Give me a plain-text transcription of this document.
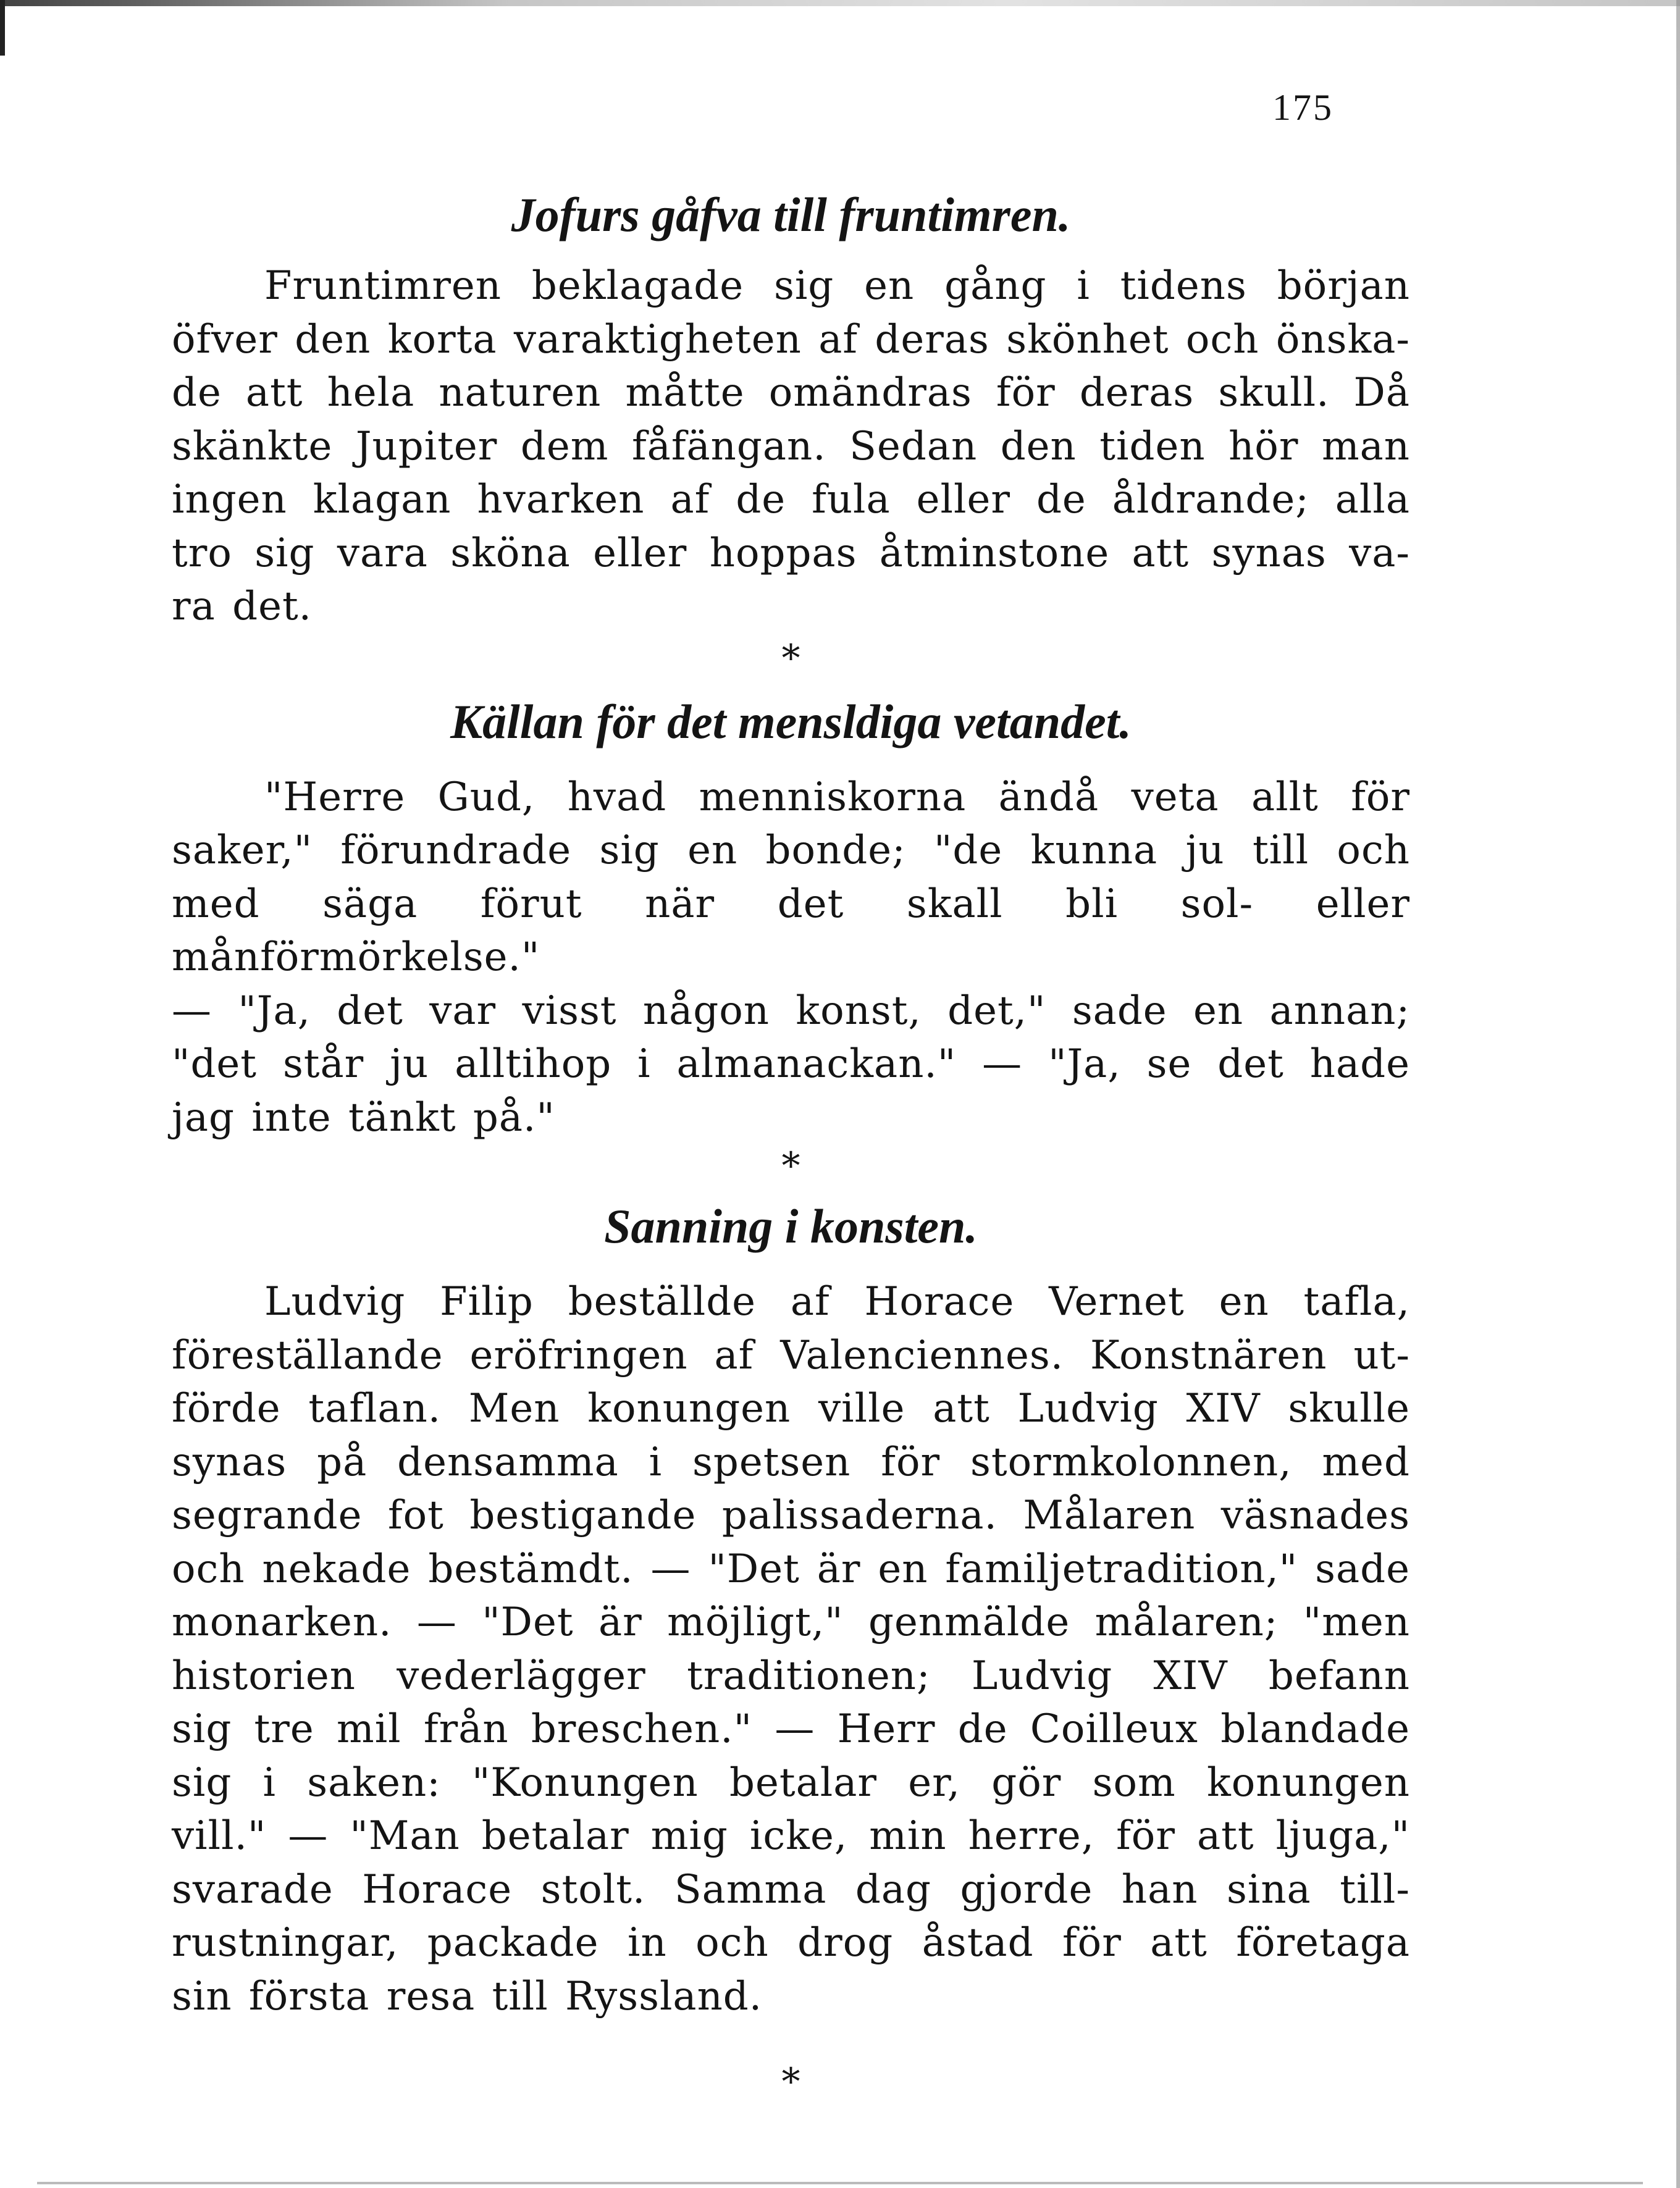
175
Jofurs gåfva till fruntimren.

Fruntimren beklagade sig en gång i tidens början
öfver den korta varaktigheten af deras skönhet och önska-
de att hela naturen måtte omändras för deras skull. Då
skänkte Jupiter dem fåfängan. Sedan den tiden hör man
ingen klagan hvarken af de fula eller de åldrande; alla
tro sig vara sköna eller hoppas åtminstone att synas va-
ra det.

*

Källan för det mensldiga vetandet.

"Herre Gud, hvad menniskorna ändå veta allt för
saker," förundrade sig en bonde; "de kunna ju till och
med säga förut när det skall bli sol- eller månförmörkelse."
— "Ja, det var visst någon konst, det," sade en annan;
"det står ju alltihop i almanackan." — "Ja, se det hade
jag inte tänkt på."

*

Sanning i konsten.

Ludvig Filip beställde af Horace Vernet en tafla,
föreställande eröfringen af Valenciennes. Konstnären ut-
förde taflan. Men konungen ville att Ludvig XIV skulle
synas på densamma i spetsen för stormkolonnen, med
segrande fot bestigande palissaderna. Målaren väsnades
och nekade bestämdt. — "Det är en familjetradition," sade
monarken. — "Det är möjligt," genmälde målaren; "men
historien vederlägger traditionen; Ludvig XIV befann
sig tre mil från breschen." — Herr de Coilleux blandade
sig i saken: "Konungen betalar er, gör som konungen
vill." — "Man betalar mig icke, min herre, för att ljuga,"
svarade Horace stolt. Samma dag gjorde han sina till-
rustningar, packade in och drog åstad för att företaga
sin första resa till Ryssland.

*
